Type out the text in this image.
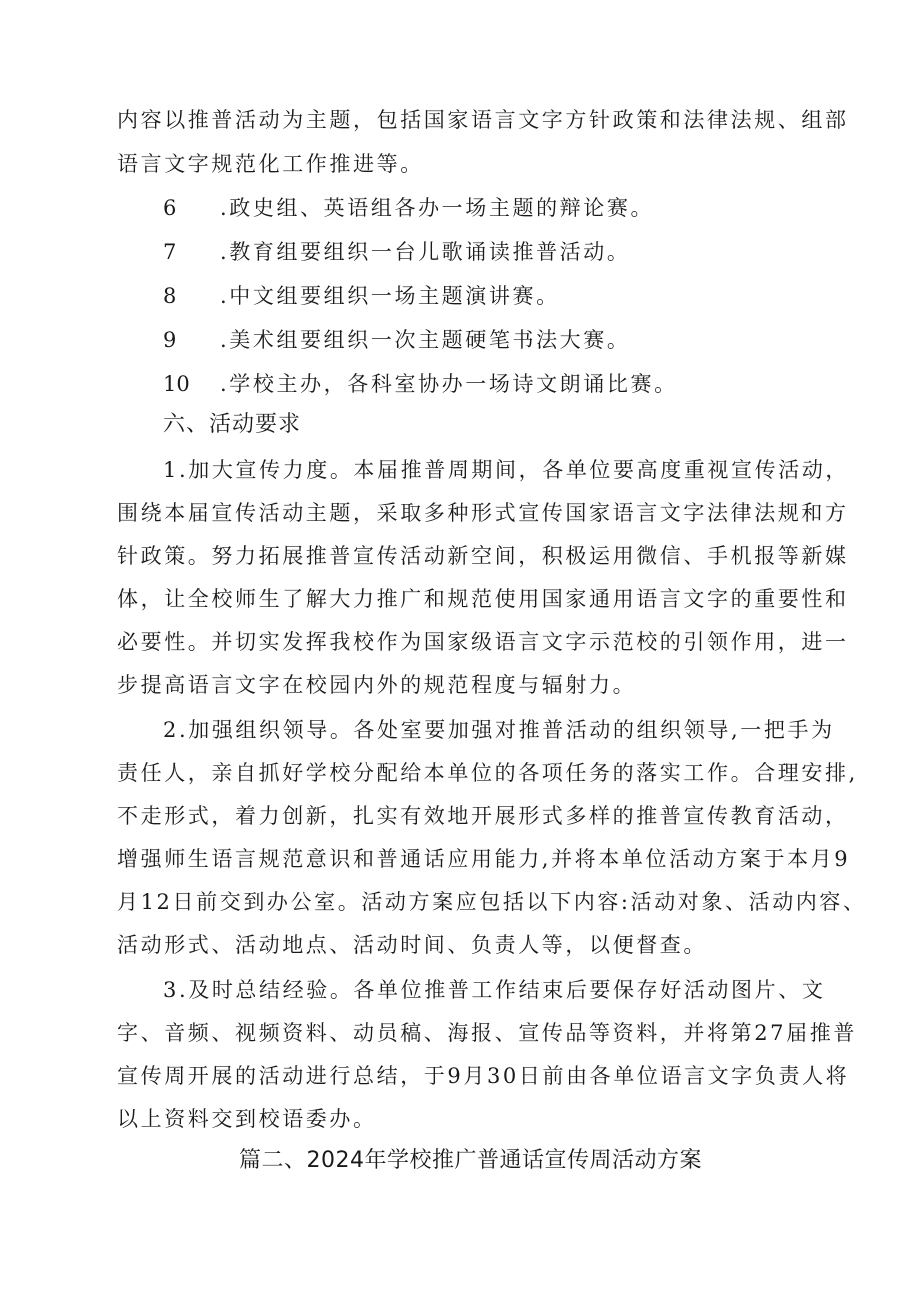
内容以推普活动为主题，包括国家语言文字方针政策和法律法规、组部
语言文字规范化工作推进等。
6 .政史组、英语组各办一场主题的辩论赛。
7 .教育组要组织一台儿歌诵读推普活动。
8 .中文组要组织一场主题演讲赛。
9 .美术组要组织一次主题硬笔书法大赛。
10 .学校主办，各科室协办一场诗文朗诵比赛。
六、活动要求
1.加大宣传力度。本届推普周期间，各单位要高度重视宣传活动，
围绕本届宣传活动主题，采取多种形式宣传国家语言文字法律法规和方
针政策。努力拓展推普宣传活动新空间，积极运用微信、手机报等新媒
体，让全校师生了解大力推广和规范使用国家通用语言文字的重要性和
必要性。并切实发挥我校作为国家级语言文字示范校的引领作用，进一
步提高语言文字在校园内外的规范程度与辐射力。
2.加强组织领导。各处室要加强对推普活动的组织领导,一把手为
责任人，亲自抓好学校分配给本单位的各项任务的落实工作。合理安排,
不走形式，着力创新，扎实有效地开展形式多样的推普宣传教育活动，
增强师生语言规范意识和普通话应用能力,并将本单位活动方案于本月9
月12日前交到办公室。活动方案应包括以下内容:活动对象、活动内容、
活动形式、活动地点、活动时间、负责人等，以便督查。
3.及时总结经验。各单位推普工作结束后要保存好活动图片、文
字、音频、视频资料、动员稿、海报、宣传品等资料，并将第27届推普
宣传周开展的活动进行总结，于9月30日前由各单位语言文字负责人将
以上资料交到校语委办。
篇二、2024年学校推广普通话宣传周活动方案
